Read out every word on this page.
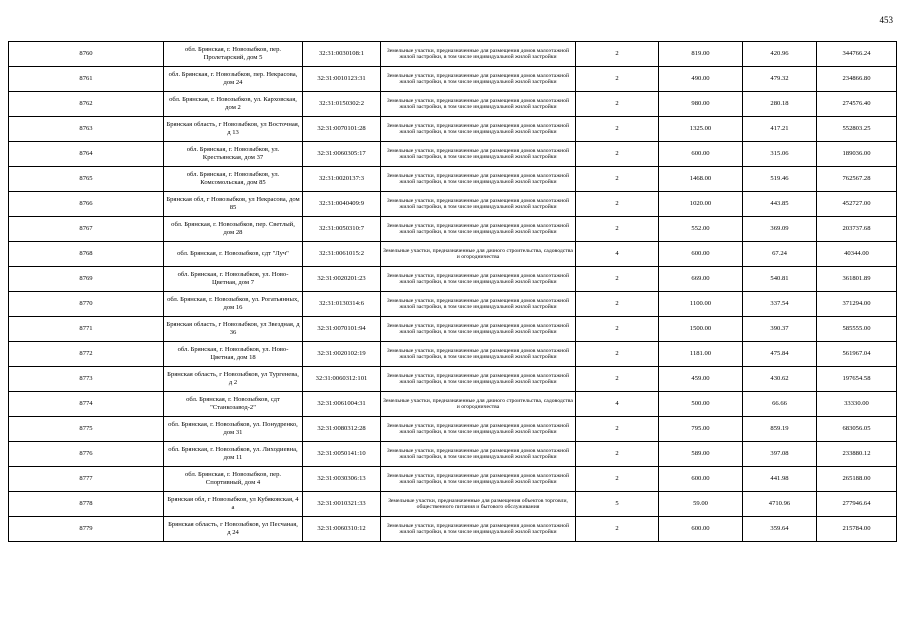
453
8760	обл. Брянская, г. Новозыбков, пер. Пролетарский, дом 5	32:31:0030108:1	Земельные участки, предназначенные для размещения домов малоэтажной жилой застройки, в том числе индивидуальной жилой застройки	2	819.00	420.96	344766.24
8761	обл. Брянская, г. Новозыбков, пер. Некрасова, дом 24	32:31:0010123:31	Земельные участки, предназначенные для размещения домов малоэтажной жилой застройки, в том числе индивидуальной жилой застройки	2	490.00	479.32	234866.80
8762	обл. Брянская, г. Новозыбков, ул. Карховская, дом 2	32:31:0150302:2	Земельные участки, предназначенные для размещения домов малоэтажной жилой застройки, в том числе индивидуальной жилой застройки	2	980.00	280.18	274576.40
8763	Брянская область, г Новозыбков, ул Восточная, д 13	32:31:0070101:28	Земельные участки, предназначенные для размещения домов малоэтажной жилой застройки, в том числе индивидуальной жилой застройки	2	1325.00	417.21	552803.25
8764	обл. Брянская, г. Новозыбков, ул. Крестьянская, дом 37	32:31:0060305:17	Земельные участки, предназначенные для размещения домов малоэтажной жилой застройки, в том числе индивидуальной жилой застройки	2	600.00	315.06	189036.00
8765	обл. Брянская, г. Новозыбков, ул. Комсомольская, дом 85	32:31:0020137:3	Земельные участки, предназначенные для размещения домов малоэтажной жилой застройки, в том числе индивидуальной жилой застройки	2	1468.00	519.46	762567.28
8766	Брянская обл, г Новозыбков, ул Некрасова, дом 85	32:31:0040409:9	Земельные участки, предназначенные для размещения домов малоэтажной жилой застройки, в том числе индивидуальной жилой застройки	2	1020.00	443.85	452727.00
8767	обл. Брянская, г. Новозыбков, пер. Светлый, дом 28	32:31:0050310:7	Земельные участки, предназначенные для размещения домов малоэтажной жилой застройки, в том числе индивидуальной жилой застройки	2	552.00	369.09	203737.68
8768	обл. Брянская, г. Новозыбков, сдт "Луч"	32:31:0061015:2	Земельные участки, предназначенные для дачного строительства, садоводства и огородничества	4	600.00	67.24	40344.00
8769	обл. Брянская, г. Новозыбков, ул. Ново-Цветная, дом 7	32:31:0020201:23	Земельные участки, предназначенные для размещения домов малоэтажной жилой застройки, в том числе индивидуальной жилой застройки	2	669.00	540.81	361801.89
8770	обл. Брянская, г. Новозыбков, ул. Рогатьянных, дом 16	32:31:0130314:6	Земельные участки, предназначенные для размещения домов малоэтажной жилой застройки, в том числе индивидуальной жилой застройки	2	1100.00	337.54	371294.00
8771	Брянская область, г Новозыбков, ул Звездная, д 36	32:31:0070101:94	Земельные участки, предназначенные для размещения домов малоэтажной жилой застройки, в том числе индивидуальной жилой застройки	2	1500.00	390.37	585555.00
8772	обл. Брянская, г. Новозыбков, ул. Ново-Цветная, дом 18	32:31:0020102:19	Земельные участки, предназначенные для размещения домов малоэтажной жилой застройки, в том числе индивидуальной жилой застройки	2	1181.00	475.84	561967.04
8773	Брянская область, г Новозыбков, ул Тургенева, д 2	32:31:0060312:101	Земельные участки, предназначенные для размещения домов малоэтажной жилой застройки, в том числе индивидуальной жилой застройки	2	459.00	430.62	197654.58
8774	обл. Брянская, г. Новозыбков, сдт "Станкозавод-2"	32:31:0061004:31	Земельные участки, предназначенные для дачного строительства, садоводства и огородничества	4	500.00	66.66	33330.00
8775	обл. Брянская, г. Новозыбков, ул. Понудренко, дом 31	32:31:0080312:28	Земельные участки, предназначенные для размещения домов малоэтажной жилой застройки, в том числе индивидуальной жилой застройки	2	795.00	859.19	683056.05
8776	обл. Брянская, г. Новозыбков, ул. Лиходиевна, дом 11	32:31:0050141:10	Земельные участки, предназначенные для размещения домов малоэтажной жилой застройки, в том числе индивидуальной жилой застройки	2	589.00	397.08	233880.12
8777	обл. Брянская, г. Новозыбков, пер. Спортивный, дом 4	32:31:0030306:13	Земельные участки, предназначенные для размещения домов малоэтажной жилой застройки, в том числе индивидуальной жилой застройки	2	600.00	441.98	265188.00
8778	Брянская обл, г Новозыбков, ул Кубяковская, 4 а	32:31:0010321:33	Земельные участки, предназначенные для размещения объектов торговли, общественного питания и бытового обслуживания	5	59.00	4710.96	277946.64
8779	Брянская область, г Новозыбков, ул Песчаная, д 24	32:31:0060310:12	Земельные участки, предназначенные для размещения домов малоэтажной жилой застройки, в том числе индивидуальной жилой застройки	2	600.00	359.64	215784.00
